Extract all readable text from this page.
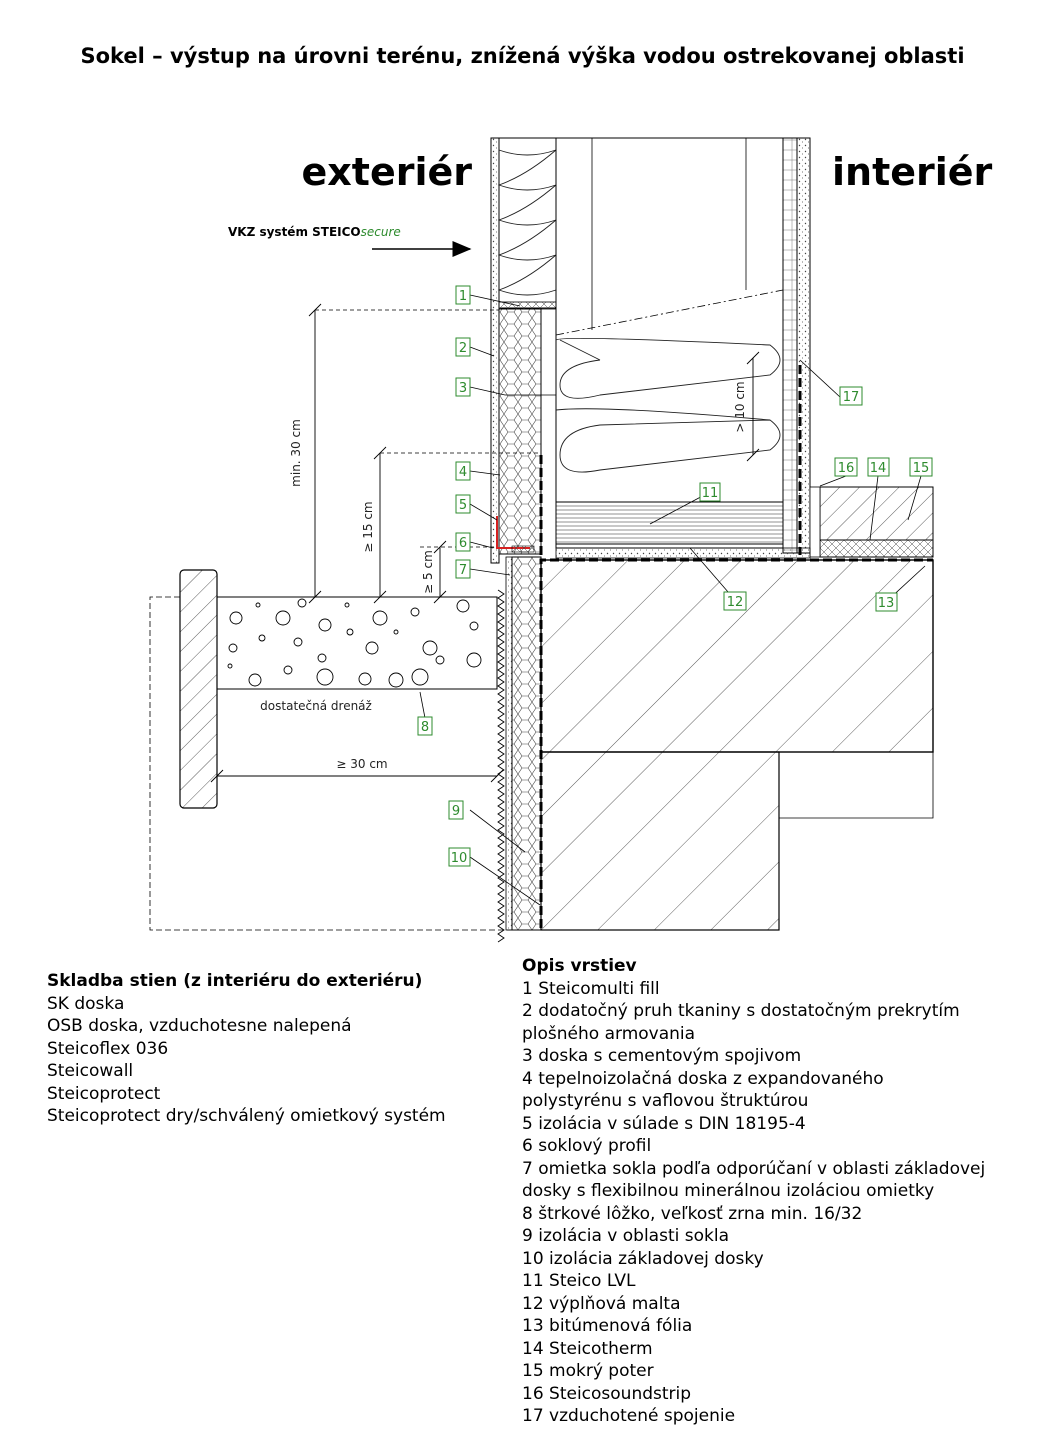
Sokel – výstup na úrovni terénu, znížená výška vodou ostrekovanej oblasti
exteriér	interiér
VKZ systém STEICOsecure
min. 30 cm
≥ 15 cm
≥ 5 cm
> 10 cm
≥ 30 cm
dostatečná drenáž
1
2
3
4
5
6
7
8
9
10
11
12	13
14 15
16
17
Skladba stien (z interiéru do exteriéru)
SK doska
OSB doska, vzduchotesne nalepená
Steicoflex 036
Steicowall
Steicoprotect
Steicoprotect dry/schválený omietkový systém
Opis vrstiev
1 Steicomulti fill
2 dodatočný pruh tkaniny s dostatočným prekrytím
plošného armovania
3 doska s cementovým spojivom
4 tepelnoizolačná doska z expandovaného
polystyrénu s vaflovou štruktúrou
5 izolácia v súlade s DIN 18195-4
6 soklový profil
7 omietka sokla podľa odporúčaní v oblasti základovej
dosky s flexibilnou minerálnou izoláciou omietky
8 štrkové lôžko, veľkosť zrna min. 16/32
9 izolácia v oblasti sokla
10 izolácia základovej dosky
11 Steico LVL
12 výplňová malta
13 bitúmenová fólia
14 Steicotherm
15 mokrý poter
16 Steicosoundstrip
17 vzduchotené spojenie
